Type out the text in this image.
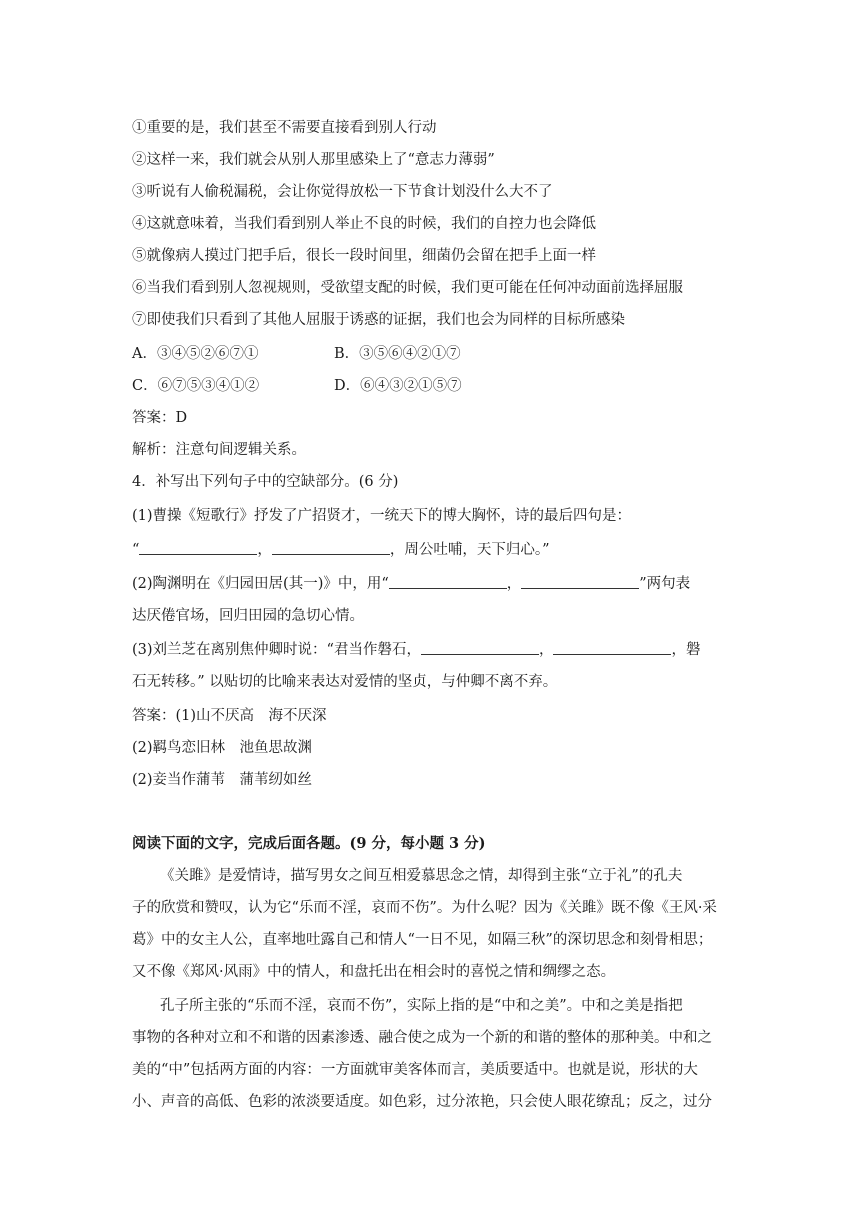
①重要的是，我们甚至不需要直接看到别人行动
②这样一来，我们就会从别人那里感染上了“意志力薄弱”
③听说有人偷税漏税，会让你觉得放松一下节食计划没什么大不了
④这就意味着，当我们看到别人举止不良的时候，我们的自控力也会降低
⑤就像病人摸过门把手后，很长一段时间里，细菌仍会留在把手上面一样
⑥当我们看到别人忽视规则，受欲望支配的时候，我们更可能在任何冲动面前选择屈服
⑦即使我们只看到了其他人屈服于诱惑的证据，我们也会为同样的目标所感染
A．③④⑤②⑥⑦①	B．③⑤⑥④②①⑦
C．⑥⑦⑤③④①②	D．⑥④③②①⑤⑦
答案：D
解析：注意句间逻辑关系。
4．补写出下列句子中的空缺部分。(6 分)
(1)曹操《短歌行》抒发了广招贤才，一统天下的博大胸怀，诗的最后四句是：
“	，	，周公吐哺，天下归心。”
(2)陶渊明在《归园田居(其一)》中，用“	，	”两句表
达厌倦官场，回归田园的急切心情。
(3)刘兰芝在离别焦仲卿时说：“君当作磐石，	，	，磐
石无转移。” 以贴切的比喻来表达对爱情的坚贞，与仲卿不离不弃。
答案：(1)山不厌高　海不厌深
(2)羁鸟恋旧林　池鱼思故渊
(2)妾当作蒲苇　蒲苇纫如丝
阅读下面的文字，完成后面各题。(9 分，每小题 3 分)
《关雎》是爱情诗，描写男女之间互相爱慕思念之情，却得到主张“立于礼”的孔夫
子的欣赏和赞叹，认为它“乐而不淫，哀而不伤”。为什么呢？因为《关雎》既不像《王风·采
葛》中的女主人公，直率地吐露自己和情人“一日不见，如隔三秋”的深切思念和刻骨相思；
又不像《郑风·风雨》中的情人，和盘托出在相会时的喜悦之情和绸缪之态。
孔子所主张的“乐而不淫，哀而不伤”，实际上指的是“中和之美”。中和之美是指把
事物的各种对立和不和谐的因素渗透、融合使之成为一个新的和谐的整体的那种美。中和之
美的“中”包括两方面的内容：一方面就审美客体而言，美质要适中。也就是说，形状的大
小、声音的高低、色彩的浓淡要适度。如色彩，过分浓艳，只会使人眼花缭乱；反之，过分
